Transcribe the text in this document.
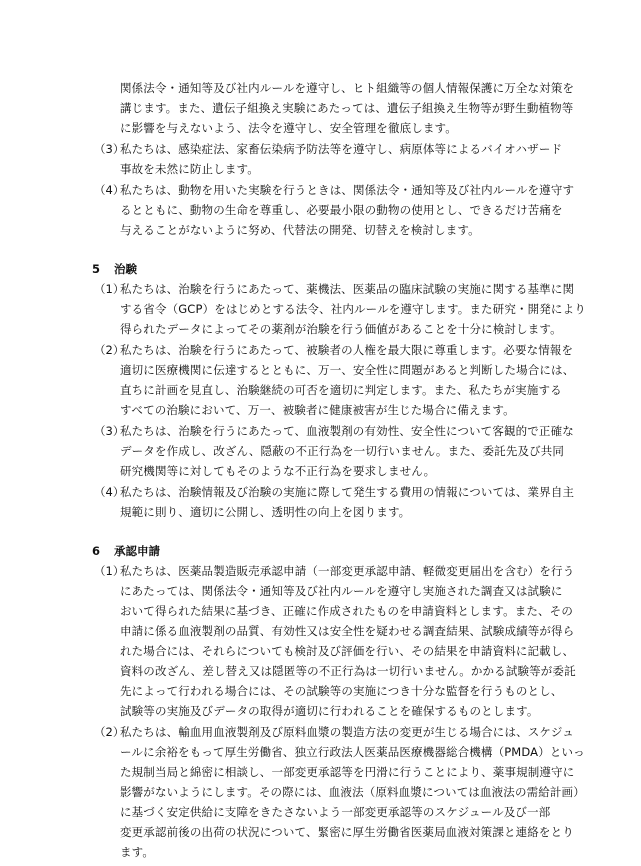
関係法令・通知等及び社内ルールを遵守し、ヒト組織等の個人情報保護に万全な対策を

講じます。また、遺伝子組換え実験にあたっては、遺伝子組換え生物等が野生動植物等

に影響を与えないよう、法令を遵守し、安全管理を徹底します。

（3）

私たちは、感染症法、家畜伝染病予防法等を遵守し、病原体等によるバイオハザード

事故を未然に防止します。

（4）

私たちは、動物を用いた実験を行うときは、関係法令・通知等及び社内ルールを遵守す

るとともに、動物の生命を尊重し、必要最小限の動物の使用とし、できるだけ苦痛を

与えることがないように努め、代替法の開発、切替えを検討します。

5 治験
（1）

私たちは、治験を行うにあたって、薬機法、医薬品の臨床試験の実施に関する基準に関

する省令（GCP）をはじめとする法令、社内ルールを遵守します。また研究・開発により

得られたデータによってその薬剤が治験を行う価値があることを十分に検討します。

（2）

私たちは、治験を行うにあたって、被験者の人権を最大限に尊重します。必要な情報を

適切に医療機関に伝達するとともに、万一、安全性に問題があると判断した場合には、

直ちに計画を見直し、治験継続の可否を適切に判定します。また、私たちが実施する

すべての治験において、万一、被験者に健康被害が生じた場合に備えます。

（3）

私たちは、治験を行うにあたって、血液製剤の有効性、安全性について客観的で正確な

データを作成し、改ざん、隠蔽の不正行為を一切行いません。また、委託先及び共同

研究機関等に対してもそのような不正行為を要求しません。

（4）

私たちは、治験情報及び治験の実施に際して発生する費用の情報については、業界自主

規範に則り、適切に公開し、透明性の向上を図ります。

6 承認申請
（1）

私たちは、医薬品製造販売承認申請（一部変更承認申請、軽微変更届出を含む）を行う

にあたっては、関係法令・通知等及び社内ルールを遵守し実施された調査又は試験に

おいて得られた結果に基づき、正確に作成されたものを申請資料とします。また、その

申請に係る血液製剤の品質、有効性又は安全性を疑わせる調査結果、試験成績等が得ら

れた場合には、それらについても検討及び評価を行い、その結果を申請資料に記載し、

資料の改ざん、差し替え又は隠匿等の不正行為は一切行いません。かかる試験等が委託

先によって行われる場合には、その試験等の実施につき十分な監督を行うものとし、

試験等の実施及びデータの取得が適切に行われることを確保するものとします。

（2）

私たちは、輸血用血液製剤及び原料血漿の製造方法の変更が生じる場合には、スケジュ

ールに余裕をもって厚生労働省、独立行政法人医薬品医療機器総合機構（PMDA）といっ

た規制当局と綿密に相談し、一部変更承認等を円滑に行うことにより、薬事規制遵守に

影響がないようにします。その際には、血液法（原料血漿については血液法の需給計画）

に基づく安定供給に支障をきたさないよう一部変更承認等のスケジュール及び一部

変更承認前後の出荷の状況について、緊密に厚生労働省医薬局血液対策課と連絡をとり

ます。
